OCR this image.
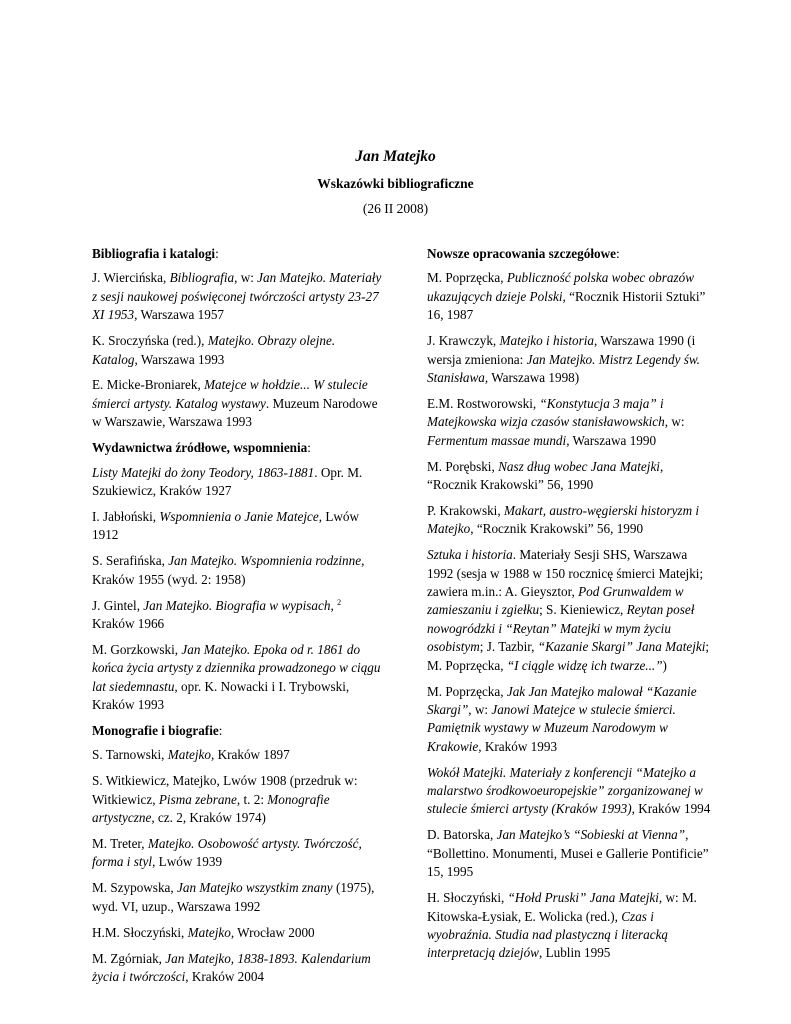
Jan Matejko
Wskazówki bibliograficzne
(26 II 2008)
Bibliografia i katalogi:
J. Wiercińska, Bibliografia, w: Jan Matejko. Materiały z sesji naukowej poświęconej twórczości artysty 23-27 XI 1953, Warszawa 1957
K. Sroczyńska (red.), Matejko. Obrazy olejne. Katalog, Warszawa 1993
E. Micke-Broniarek, Matejce w hołdzie... W stulecie śmierci artysty. Katalog wystawy. Muzeum Narodowe w Warszawie, Warszawa 1993
Wydawnictwa źródłowe, wspomnienia:
Listy Matejki do żony Teodory, 1863-1881. Opr. M. Szukiewicz, Kraków 1927
I. Jabłoński, Wspomnienia o Janie Matejce, Lwów 1912
S. Serafińska, Jan Matejko. Wspomnienia rodzinne, Kraków 1955 (wyd. 2: 1958)
J. Gintel, Jan Matejko. Biografia w wypisach, $^2$ Kraków 1966
M. Gorzkowski, Jan Matejko. Epoka od r. 1861 do końca życia artysty z dziennika prowadzonego w ciągu lat siedemnastu, opr. K. Nowacki i I. Trybowski, Kraków 1993
Monografie i biografie:
S. Tarnowski, Matejko, Kraków 1897
S. Witkiewicz, Matejko, Lwów 1908 (przedruk w: Witkiewicz, Pisma zebrane, t. 2: Monografie artystyczne, cz. 2, Kraków 1974)
M. Treter, Matejko. Osobowość artysty. Twórczość, forma i styl, Lwów 1939
M. Szypowska, Jan Matejko wszystkim znany (1975), wyd. VI, uzup., Warszawa 1992
H.M. Słoczyński, Matejko, Wrocław 2000
M. Zgórniak, Jan Matejko, 1838-1893. Kalendarium życia i twórczości, Kraków 2004
Nowsze opracowania szczegółowe:
M. Poprzęcka, Publiczność polska wobec obrazów ukazujących dzieje Polski, “Rocznik Historii Sztuki” 16, 1987
J. Krawczyk, Matejko i historia, Warszawa 1990 (i wersja zmieniona: Jan Matejko. Mistrz Legendy św. Stanisława, Warszawa 1998)
E.M. Rostworowski, “Konstytucja 3 maja” i Matejkowska wizja czasów stanisławowskich, w: Fermentum massae mundi, Warszawa 1990
M. Porębski, Nasz dług wobec Jana Matejki, “Rocznik Krakowski” 56, 1990
P. Krakowski, Makart, austro-węgierski historyzm i Matejko, “Rocznik Krakowski” 56, 1990
Sztuka i historia. Materiały Sesji SHS, Warszawa 1992 (sesja w 1988 w 150 rocznicę śmierci Matejki; zawiera m.in.: A. Gieysztor, Pod Grunwaldem w zamieszaniu i zgiełku; S. Kieniewicz, Reytan poseł nowogródzki i “Reytan” Matejki w mym życiu osobistym; J. Tazbir, “Kazanie Skargi” Jana Matejki; M. Poprzęcka, “I ciągle widzę ich twarze...”)
M. Poprzęcka, Jak Jan Matejko malował “Kazanie Skargi”, w: Janowi Matejce w stulecie śmierci. Pamiętnik wystawy w Muzeum Narodowym w Krakowie, Kraków 1993
Wokół Matejki. Materiały z konferencji “Matejko a malarstwo środkowoeuropejskie” zorganizowanej w stulecie śmierci artysty (Kraków 1993), Kraków 1994
D. Batorska, Jan Matejko’s “Sobieski at Vienna”, “Bollettino. Monumenti, Musei e Gallerie Pontificie” 15, 1995
H. Słoczyński, “Hołd Pruski” Jana Matejki, w: M. Kitowska-Łysiak, E. Wolicka (red.), Czas i wyobraźnia. Studia nad plastyczną i literacką interpretacją dziejów, Lublin 1995
